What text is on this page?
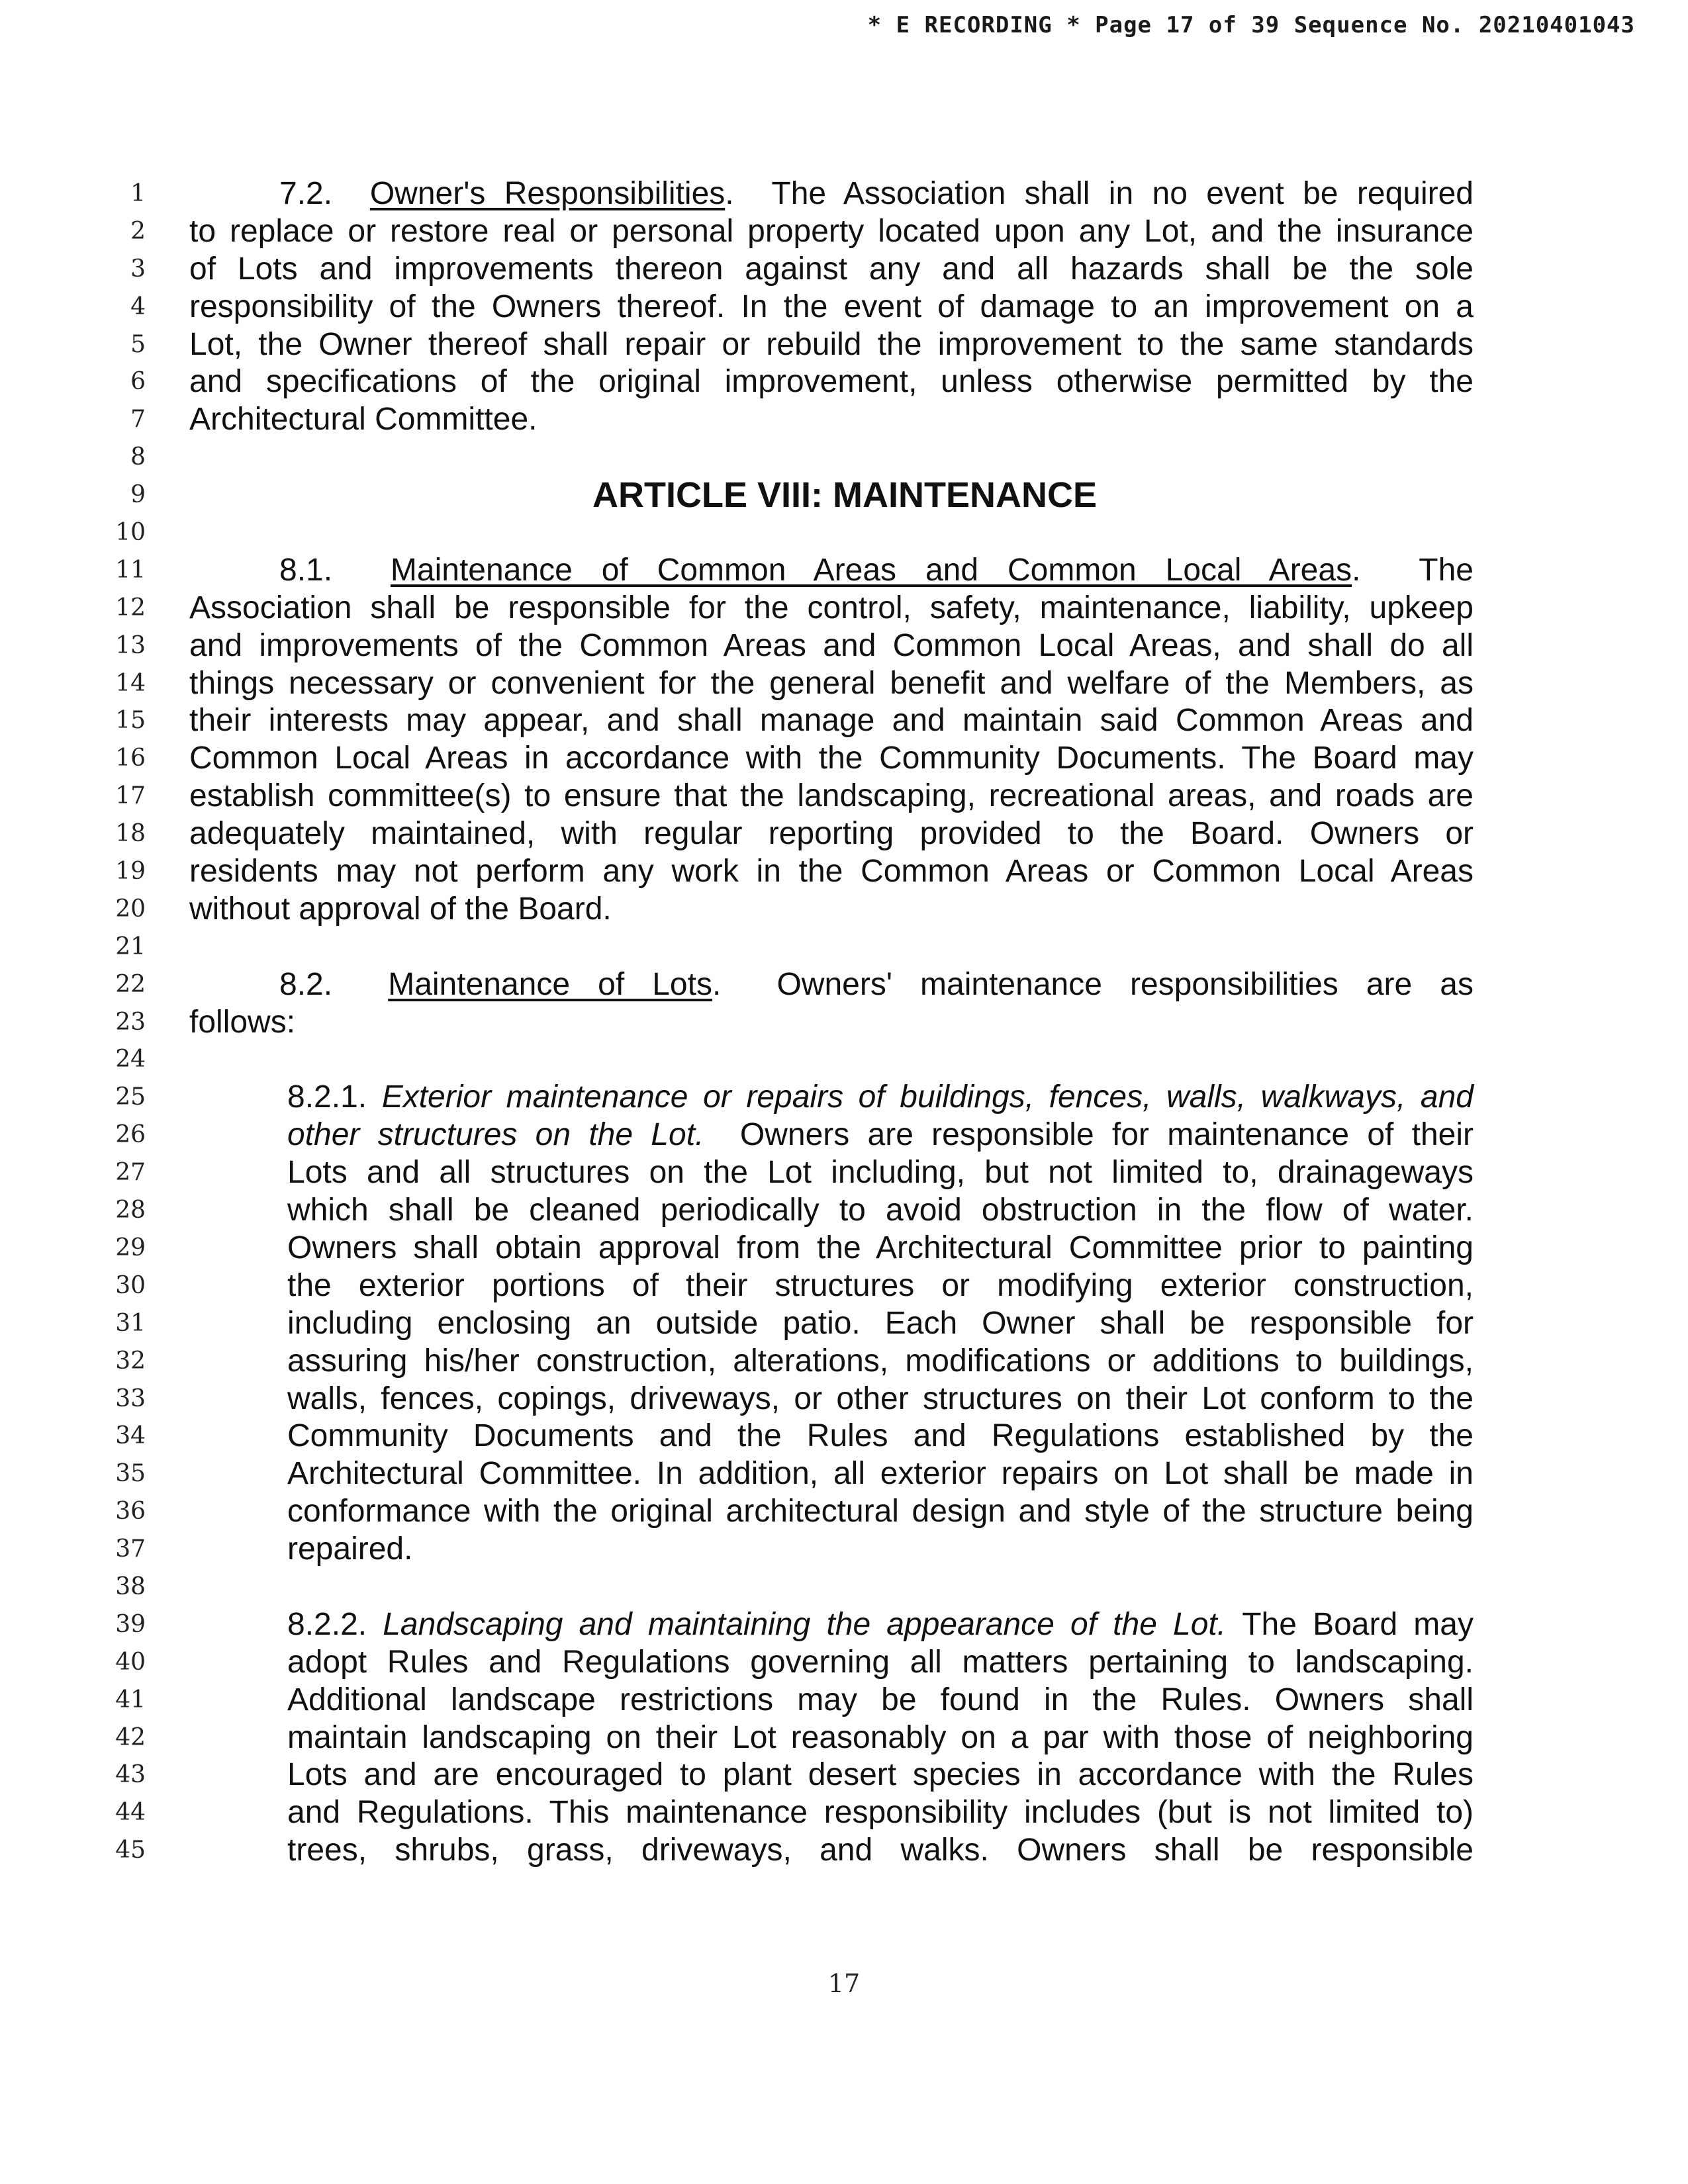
* E RECORDING * Page 17 of 39 Sequence No. 20210401043
1
2
3
4
5
6
7
8
9
10
11
12
13
14
15
16
17
18
19
20
21
22
23
24
25
26
27
28
29
30
31
32
33
34
35
36
37
38
39
40
41
42
43
44
45
7.2. Owner's Responsibilities.  The Association shall in no event be required
to replace or restore real or personal property located upon any Lot, and the insurance
of Lots and improvements thereon against any and all hazards shall be the sole
responsibility of the Owners thereof. In the event of damage to an improvement on a
Lot, the Owner thereof shall repair or rebuild the improvement to the same standards
and specifications of the original improvement, unless otherwise permitted by the
Architectural Committee.
ARTICLE VIII: MAINTENANCE
8.1. Maintenance of Common Areas and Common Local Areas.  The
Association shall be responsible for the control, safety, maintenance, liability, upkeep
and improvements of the Common Areas and Common Local Areas, and shall do all
things necessary or convenient for the general benefit and welfare of the Members, as
their interests may appear, and shall manage and maintain said Common Areas and
Common Local Areas in accordance with the Community Documents. The Board may
establish committee(s) to ensure that the landscaping, recreational areas, and roads are
adequately maintained, with regular reporting provided to the Board. Owners or
residents may not perform any work in the Common Areas or Common Local Areas
without approval of the Board.
8.2. Maintenance of Lots.  Owners' maintenance responsibilities are as
follows:
8.2.1. Exterior maintenance or repairs of buildings, fences, walls, walkways, and
other structures on the Lot. Owners are responsible for maintenance of their
Lots and all structures on the Lot including, but not limited to, drainageways
which shall be cleaned periodically to avoid obstruction in the flow of water.
Owners shall obtain approval from the Architectural Committee prior to painting
the exterior portions of their structures or modifying exterior construction,
including enclosing an outside patio. Each Owner shall be responsible for
assuring his/her construction, alterations, modifications or additions to buildings,
walls, fences, copings, driveways, or other structures on their Lot conform to the
Community Documents and the Rules and Regulations established by the
Architectural Committee. In addition, all exterior repairs on Lot shall be made in
conformance with the original architectural design and style of the structure being
repaired.
8.2.2. Landscaping and maintaining the appearance of the Lot. The Board may
adopt Rules and Regulations governing all matters pertaining to landscaping.
Additional landscape restrictions may be found in the Rules. Owners shall
maintain landscaping on their Lot reasonably on a par with those of neighboring
Lots and are encouraged to plant desert species in accordance with the Rules
and Regulations. This maintenance responsibility includes (but is not limited to)
trees, shrubs, grass, driveways, and walks. Owners shall be responsible
17
